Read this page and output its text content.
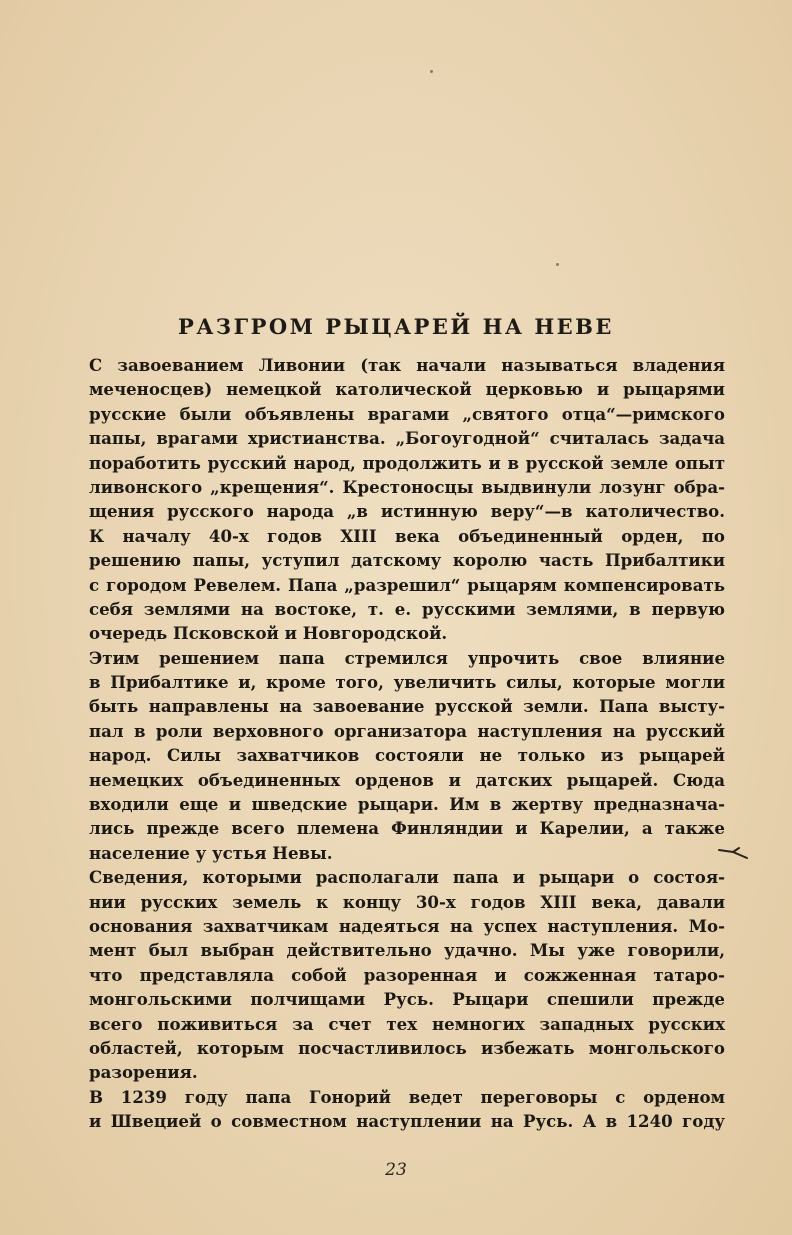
РАЗГРОМ РЫЦАРЕЙ НА НЕВЕ
С завоеванием Ливонии (так начали называться владения
меченосцев) немецкой католической церковью и рыцарями
русские были объявлены врагами „святого отца“—римского
папы, врагами христианства. „Богоугодной“ считалась задача
поработить русский народ, продолжить и в русской земле опыт
ливонского „крещения“. Крестоносцы выдвинули лозунг обра-
щения русского народа „в истинную веру“—в католичество.
К началу 40-х годов XIII века объединенный орден, по
решению папы, уступил датскому королю часть Прибалтики
с городом Ревелем. Папа „разрешил“ рыцарям компенсировать
себя землями на востоке, т. е. русскими землями, в первую
очередь Псковской и Новгородской.
Этим решением папа стремился упрочить свое влияние
в Прибалтике и, кроме того, увеличить силы, которые могли
быть направлены на завоевание русской земли. Папа высту-
пал в роли верховного организатора наступления на русский
народ. Силы захватчиков состояли не только из рыцарей
немецких объединенных орденов и датских рыцарей. Сюда
входили еще и шведские рыцари. Им в жертву предназнача-
лись прежде всего племена Финляндии и Карелии, а также
население у устья Невы.
Сведения, которыми располагали папа и рыцари о состоя-
нии русских земель к концу 30-х годов XIII века, давали
основания захватчикам надеяться на успех наступления. Мо-
мент был выбран действительно удачно. Мы уже говорили,
что представляла собой разоренная и сожженная татаро-
монгольскими полчищами Русь. Рыцари спешили прежде
всего поживиться за счет тех немногих западных русских
областей, которым посчастливилось избежать монгольского
разорения.
В 1239 году папа Гонорий ведет переговоры с орденом
и Швецией о совместном наступлении на Русь. А в 1240 году
23
